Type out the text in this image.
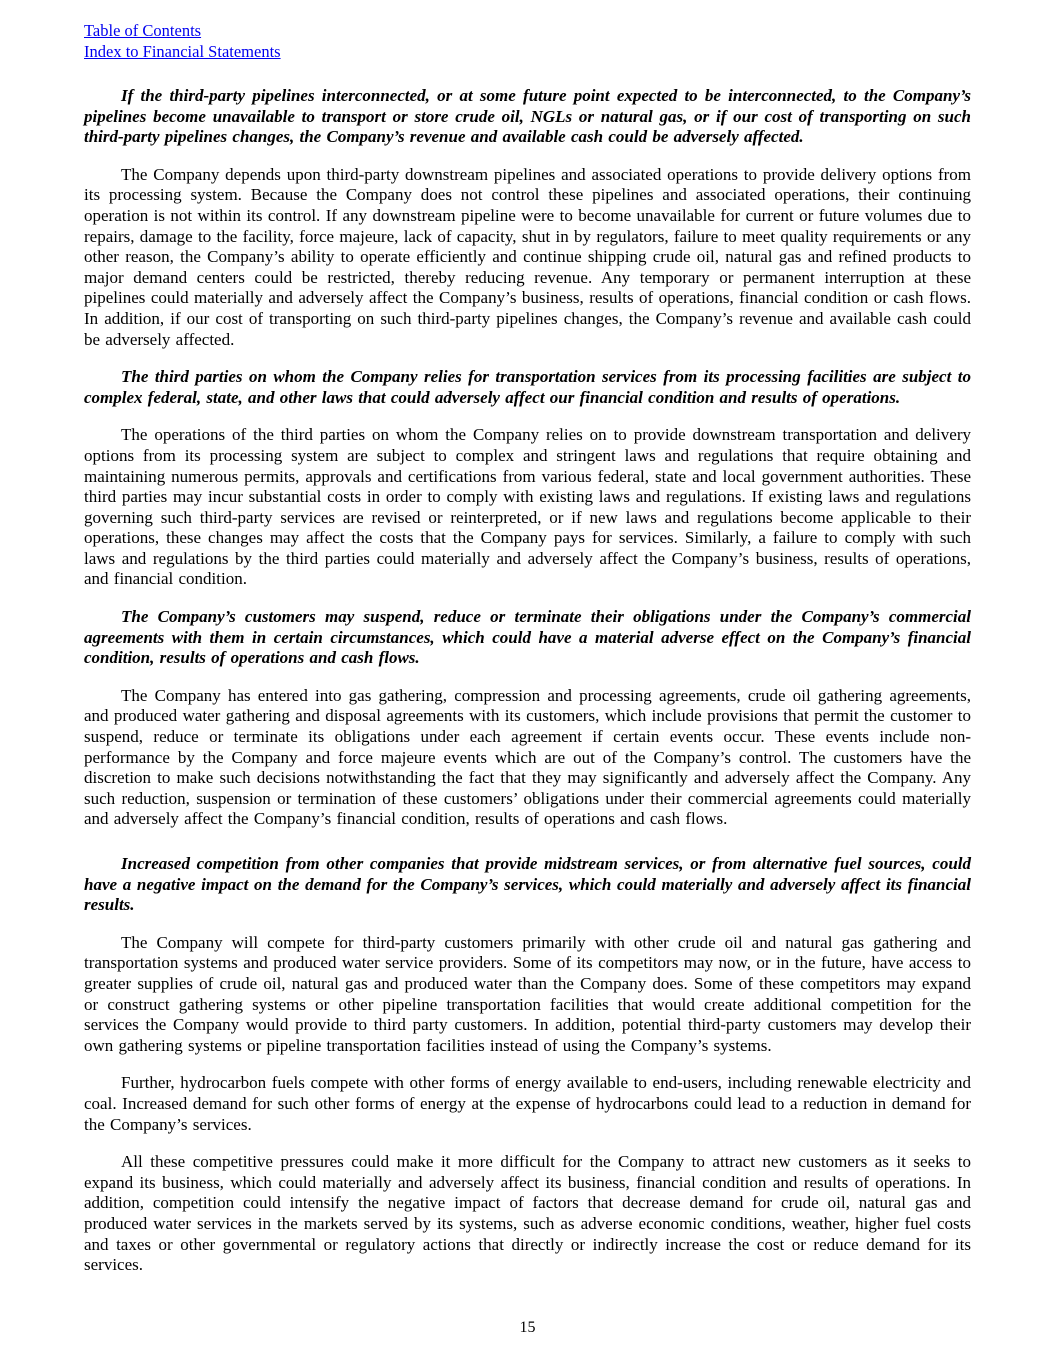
Table of Contents
Index to Financial Statements

If the third-party pipelines interconnected, or at some future point expected to be interconnected, to the Company’s pipelines become unavailable to transport or store crude oil, NGLs or natural gas, or if our cost of transporting on such third-party pipelines changes, the Company’s revenue and available cash could be adversely affected.

The Company depends upon third-party downstream pipelines and associated operations to provide delivery options from its processing system. Because the Company does not control these pipelines and associated operations, their continuing operation is not within its control. If any downstream pipeline were to become unavailable for current or future volumes due to repairs, damage to the facility, force majeure, lack of capacity, shut in by regulators, failure to meet quality requirements or any other reason, the Company’s ability to operate efficiently and continue shipping crude oil, natural gas and refined products to major demand centers could be restricted, thereby reducing revenue. Any temporary or permanent interruption at these pipelines could materially and adversely affect the Company’s business, results of operations, financial condition or cash flows. In addition, if our cost of transporting on such third-party pipelines changes, the Company’s revenue and available cash could be adversely affected.

The third parties on whom the Company relies for transportation services from its processing facilities are subject to complex federal, state, and other laws that could adversely affect our financial condition and results of operations.

The operations of the third parties on whom the Company relies on to provide downstream transportation and delivery options from its processing system are subject to complex and stringent laws and regulations that require obtaining and maintaining numerous permits, approvals and certifications from various federal, state and local government authorities. These third parties may incur substantial costs in order to comply with existing laws and regulations. If existing laws and regulations governing such third-party services are revised or reinterpreted, or if new laws and regulations become applicable to their operations, these changes may affect the costs that the Company pays for services. Similarly, a failure to comply with such laws and regulations by the third parties could materially and adversely affect the Company’s business, results of operations, and financial condition.

The Company’s customers may suspend, reduce or terminate their obligations under the Company’s commercial agreements with them in certain circumstances, which could have a material adverse effect on the Company’s financial condition, results of operations and cash flows.

The Company has entered into gas gathering, compression and processing agreements, crude oil gathering agreements, and produced water gathering and disposal agreements with its customers, which include provisions that permit the customer to suspend, reduce or terminate its obligations under each agreement if certain events occur. These events include non-performance by the Company and force majeure events which are out of the Company’s control. The customers have the discretion to make such decisions notwithstanding the fact that they may significantly and adversely affect the Company. Any such reduction, suspension or termination of these customers’ obligations under their commercial agreements could materially and adversely affect the Company’s financial condition, results of operations and cash flows.

Increased competition from other companies that provide midstream services, or from alternative fuel sources, could have a negative impact on the demand for the Company’s services, which could materially and adversely affect its financial results.

The Company will compete for third-party customers primarily with other crude oil and natural gas gathering and transportation systems and produced water service providers. Some of its competitors may now, or in the future, have access to greater supplies of crude oil, natural gas and produced water than the Company does. Some of these competitors may expand or construct gathering systems or other pipeline transportation facilities that would create additional competition for the services the Company would provide to third party customers. In addition, potential third-party customers may develop their own gathering systems or pipeline transportation facilities instead of using the Company’s systems.

Further, hydrocarbon fuels compete with other forms of energy available to end-users, including renewable electricity and coal. Increased demand for such other forms of energy at the expense of hydrocarbons could lead to a reduction in demand for the Company’s services.

All these competitive pressures could make it more difficult for the Company to attract new customers as it seeks to expand its business, which could materially and adversely affect its business, financial condition and results of operations. In addition, competition could intensify the negative impact of factors that decrease demand for crude oil, natural gas and produced water services in the markets served by its systems, such as adverse economic conditions, weather, higher fuel costs and taxes or other governmental or regulatory actions that directly or indirectly increase the cost or reduce demand for its services.

15
